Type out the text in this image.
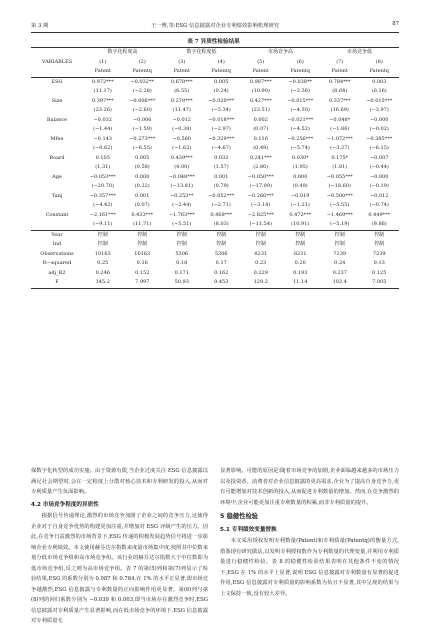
第 3 期	王一博,等:ESG 信息披露对企业专利绩效影响机理研究	87
表 7 异质性检验结果
	数字化程度高		数字化程度低		市场竞争高		市场竞争低	
VARIABLES	(1)	(2)	(3)	(4)	(5)	(6)	(7)	(8)
	Patent	Patentq	Patent	Patentq	Patent	Patentq	Patent	Patentq
ESG	0.972***	−0.032**	0.678***	0.005	0.987***	−0.038**	0.784***	0.003
	(11.17)	(−2.28)	(6.55)	(0.24)	(10.90)	(−2.36)	(8.64)	(0.16)
Size	0.397***	−0.006***	0.278***	−0.020***	0.427***	−0.015***	0.337***	−0.015***
	(23.26)	(−2.60)	(11.47)	(−5.34)	(23.51)	(−4.30)	(16.69)	(−3.97)
Balance	−0.032	−0.006	−0.012	−0.018***	0.002	−0.021***	−0.048*	−0.000
	(−1.44)	(−1.59)	(−0.38)	(−2.97)	(0.07)	(−4.52)	(−1.86)	(−0.02)
Mfee	−0.143	−0.273***	−0.560	−0.329***	0.116	−0.256***	−1.072***	−0.385***
	(−0.62)	(−6.55)	(−1.62)	(−4.67)	(0.49)	(−5.74)	(−3.27)	(−6.15)
Board	0.105	0.005	0.439***	0.032	0.241***	0.030*	0.175*	−0.007
	(1.31)	(0.58)	(4.00)	(1.57)	(2.80)	(1.95)	(1.81)	(−0.44)
Age	−0.053***	0.000	−0.048***	0.001	−0.050***	0.000	−0.055***	−0.000
	(−20.70)	(0.22)	(−13.81)	(0.79)	(−17.09)	(0.49)	(−18.60)	(−0.19)
Tanj	−0.357***	0.001	−0.253**	−0.052***	−0.266***	−0.019	−0.500***	−0.012
	(−4.42)	(0.07)	(−2.44)	(−2.71)	(−3.18)	(−1.21)	(−5.55)	(−0.74)
Constant	−2.161***	0.433***	−1.763***	0.468***	−2.825***	0.472***	−1.469***	0.449***
	(−9.11)	(11.71)	(−5.51)	(8.03)	(−11.54)	(10.91)	(−5.19)	(9.86)
Year	控制	控制	控制	控制	控制	控制	控制	控制
Ind	控制	控制	控制	控制	控制	控制	控制	控制
Observations	10163	10163	5306	5306	8231	8231	7239	7239
R−squared	0.25	0.16	0.18	0.17	0.23	0.20	0.24	0.13
adj_R2	0.246	0.152	0.171	0.162	0.229	0.193	0.237	0.125
F	145.2	7.997	50.93	9.453	129.2	11.14	102.4	7.005

保数字化转型的成功实施。由于资源有限,当企业过度关注 ESG 信息披露以满足社会期望时,会在一定程度上分散对核心技术和专利研发的投入,从而对专利质量产生负面影响。

4.2 市场竞争程度的异质性

根据信号传递理论,激烈的市场竞争加剧了企业之间的竞争压力,这使得企业对于自身竞争优势的构建更加注重,并增加对 ESG 评级产生的压力。因此,在竞争日益激烈的市场背景下,ESG 传递的积极发展趋势信号将进一步影响企业专利绩效。本文使用赫芬达尔指数来度量市场集中度,按照其中位数来划分低市场竞争组和高市场竞争组。该行业的赫芬达尔指数大于中位数即为低市场竞争组,反之则为高市场竞争组。表 7 的第(5)列和第(7)列显示了检验结果,ESG 的系数分别为 0.987 和 0.784,在 1% 的水平正显著,即市场竞争越激烈,ESG 信息披露与专利数量的正向影响作用更显著。第(6)列与第(8)列的回归系数分别为 −0.039 和 0.003,即当市场存在激烈竞争时,ESG 信息披露对专利质量产生显著影响,而在低市场竞争的环境下,ESG 信息披露对专利质量无

显著影响。可能的原因是:随着市场竞争的加剧,企业面临越来越多的市场压力以及投资者、消费者对企业信息披露的更高需求,企业为了提高自身竞争力,更有可能增加对技术创新的投入,从而促进专利数量的增加。然而,在竞争激烈的环境中,企业可能更加注重专利数量的积累,而非专利质量的提升。

5 稳健性检验
5.1 专利绩效变量替换

本文采用授权发明专利数量(Patent)和专利质量(Patentq)的衡量方式,借鉴现有研究做法,以发明专利授权数作为专利数量的代理变量,并利用专利质量进行稳健性检验。表 8 的稳健性检验结果表明在其他条件不变的情况下,ESG 在 1% 的水平上显著,说明 ESG 信息披露对专利数量有显著的促进作用,ESG 信息披露对专利质量的影响系数为负且不显著,其中呈现的结果与上文保持一致,没有较大差异。
